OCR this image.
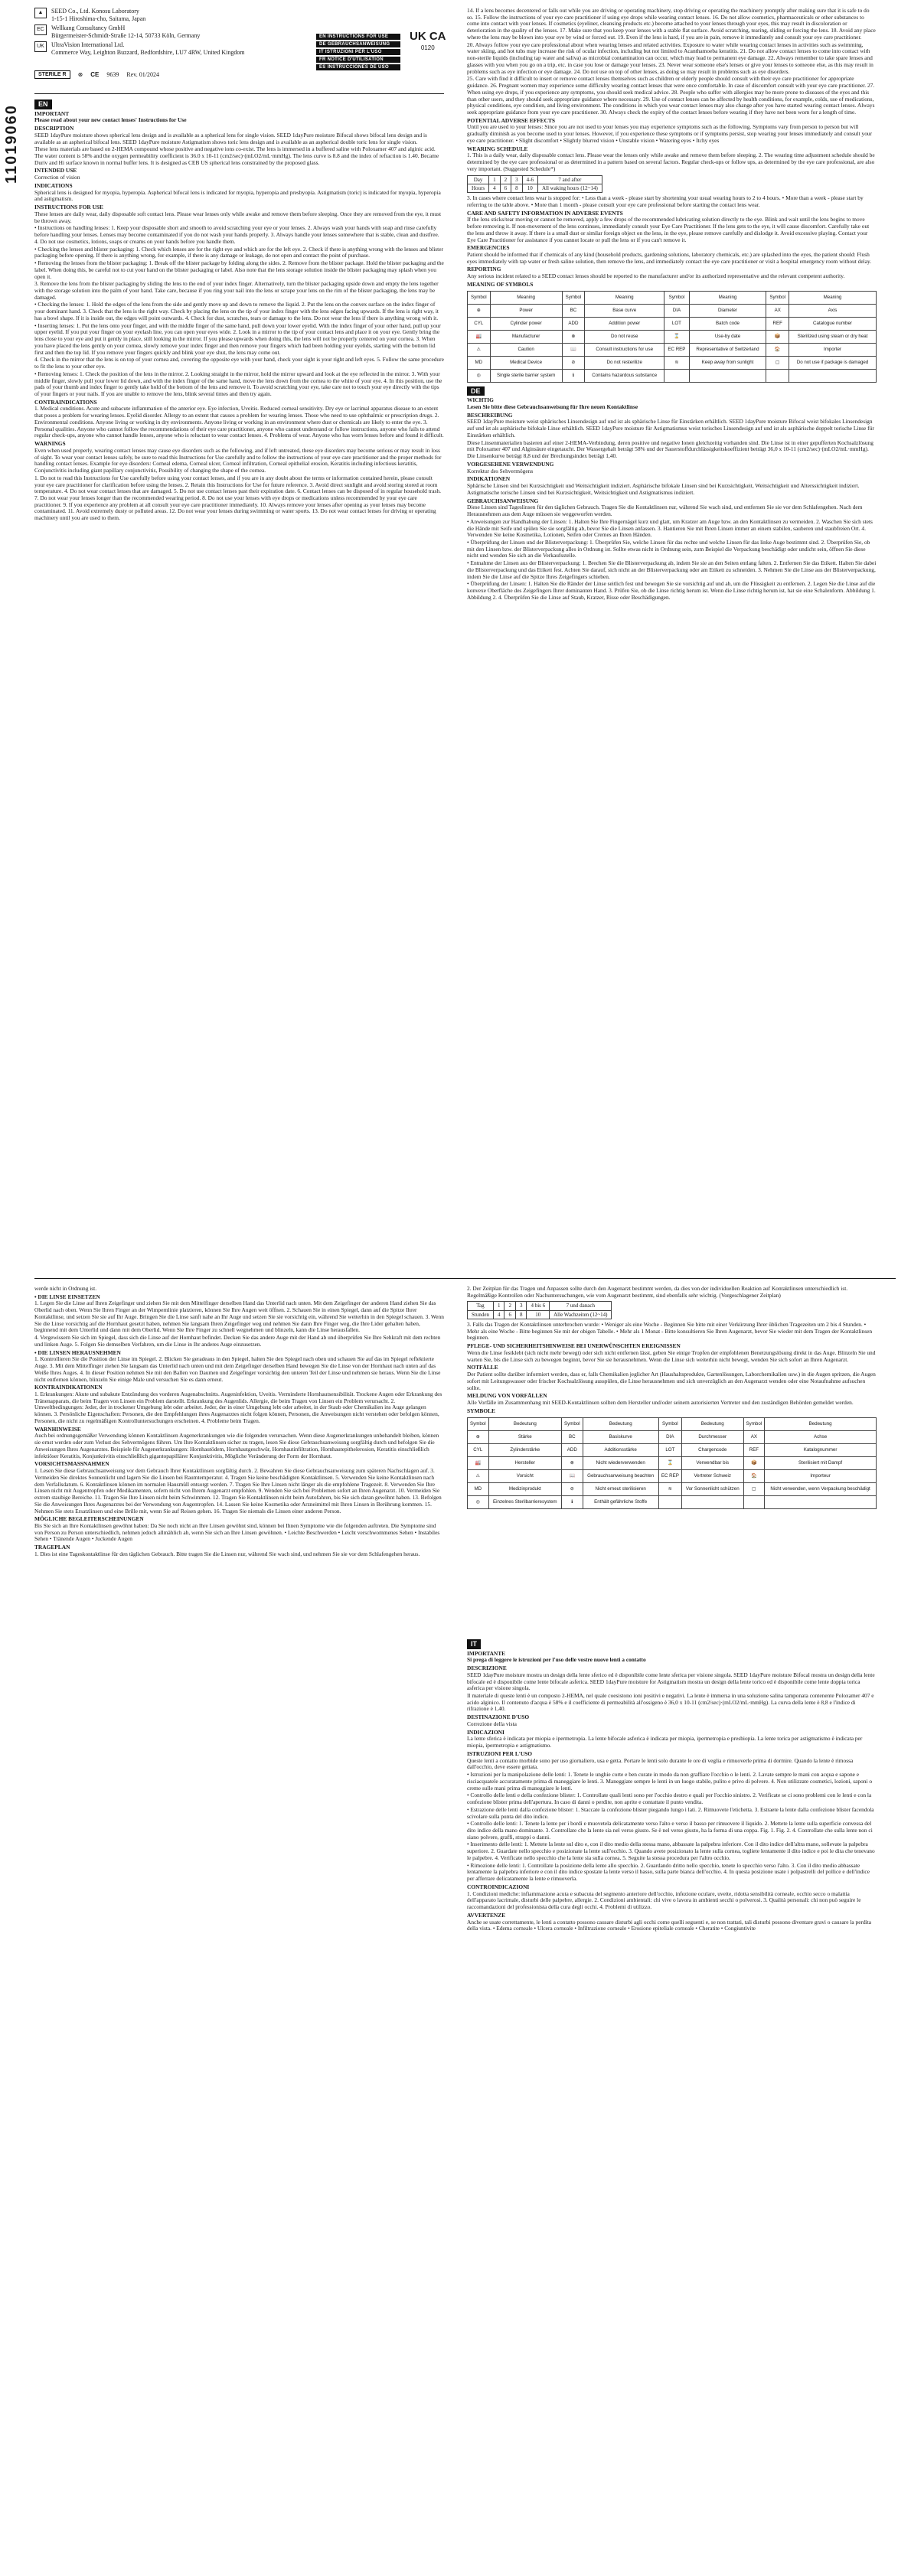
11019060
▲	SEED Co., Ltd. Konosu Laboratory
1-15-1 Hiroshima-cho, Saitama, Japan
EC	Wellkang Consultancy GmbH
Bürgermeister-Schmidt-Straße 12-14, 50733 Köln, Germany
UK	UltraVision International Ltd.
Commerce Way, Leighton Buzzard, Bedfordshire, LU7 4RW, United Kingdom
EN INSTRUCTIONS FOR USE
DE GEBRAUCHSANWEISUNG
IT ISTRUZIONI PER L'USO
FR NOTICE D'UTILISATION
ES INSTRUCCIONES DE USO
UK CA
0120
STERILE R	⊗ CE 9639 Rev. 01/2024
EN
IMPORTANT
Please read about your new contact lenses' Instructions for Use
DESCRIPTION
SEED 1dayPure moisture shows spherical lens design and is available as a spherical lens for single vision. SEED 1dayPure moisture Bifocal shows bifocal lens design and is available as an aspherical bifocal lens. SEED 1dayPure moisture Astigmatism shows toric lens design and is available as an aspherical double toric lens for single vision.
These lens materials are based on 2-HEMA compound whose positive and negative ions co-exist. The lens is immersed in a buffered saline with Poloxamer 407 and alginic acid. The water content is 58% and the oxygen permeability coefficient is 36.0 x 10-11 (cm2/sec)·(mLO2/mL·mmHg). The lens curve is 8.8 and the index of refraction is 1.40. Became Duriv and Hi surface known in normal buffer lens. It is designed as CEB US spherical lens constrained by the proposed glass.
INTENDED USE
Correction of vision
INDICATIONS
Spherical lens is designed for myopia, hyperopia. Aspherical bifocal lens is indicated for myopia, hyperopia and presbyopia. Astigmatism (toric) is indicated for myopia, hyperopia and astigmatism.
INSTRUCTIONS FOR USE
These lenses are daily wear, daily disposable soft contact lens. Please wear lenses only while awake and remove them before sleeping. Once they are removed from the eye, it must be thrown away.
• Instructions on handling lenses: 1. Keep your disposable short and smooth to avoid scratching your eye or your lenses. 2. Always wash your hands with soap and rinse carefully before handling your lenses. Lenses may become contaminated if you do not wash your hands properly. 3. Always handle your lenses somewhere that is stable, clean and dustfree. 4. Do not use cosmetics, lotions, soaps or creams on your hands before you handle them.
• Checking the lenses and blister packaging: 1. Check which lenses are for the right eye and which are for the left eye. 2. Check if there is anything wrong with the lenses and blister packaging before opening. If there is anything wrong, for example, if there is any damage or leakage, do not open and contact the point of purchase.
• Removing the lenses from the blister packaging: 1. Break off the blister package by folding along the sides. 2. Remove from the blister package. Hold the blister packaging and the label. When doing this, be careful not to cut your hand on the blister packaging or label. Also note that the lens storage solution inside the blister packaging may splash when you open it.
3. Remove the lens from the blister packaging by sliding the lens to the end of your index finger. Alternatively, turn the blister packaging upside down and empty the lens together with the storage solution into the palm of your hand. Take care, because if you ring your nail into the lens or scrape your lens on the rim of the blister packaging, the lens may be damaged.
• Checking the lenses: 1. Hold the edges of the lens from the side and gently move up and down to remove the liquid. 2. Put the lens on the convex surface on the index finger of your dominant hand. 3. Check that the lens is the right way. Check by placing the lens on the tip of your index finger with the lens edges facing upwards. If the lens is right way, it has a bowl shape. If it is inside out, the edges will point outwards. 4. Check for dust, scratches, tears or damage to the lens. Do not wear the lens if there is anything wrong with it.
• Inserting lenses: 1. Put the lens onto your finger, and with the middle finger of the same hand, pull down your lower eyelid. With the index finger of your other hand, pull up your upper eyelid. If you put your finger on your eyelash line, you can open your eyes wide. 2. Look in a mirror to the tip of your contact lens and place it on your eye. Gently bring the lens close to your eye and put it gently in place, still looking in the mirror. If you please upwards when doing this, the lens will not be properly centered on your cornea. 3. When you have placed the lens gently on your cornea, slowly remove your index finger and then remove your fingers which had been holding your eyelids, starting with the bottom lid first and then the top lid. If you remove your fingers quickly and blink your eye shut, the lens may come out.
4. Check in the mirror that the lens is on top of your cornea and, covering the opposite eye with your hand, check your sight is your right and left eyes. 5. Follow the same procedure to fit the lens to your other eye.
• Removing lenses: 1. Check the position of the lens in the mirror. 2. Looking straight in the mirror, hold the mirror upward and look at the eye reflected in the mirror. 3. With your middle finger, slowly pull your lower lid down, and with the index finger of the same hand, move the lens down from the cornea to the white of your eye. 4. In this position, use the pads of your thumb and index finger to gently take hold of the bottom of the lens and remove it. To avoid scratching your eye, take care not to touch your eye directly with the tips of your fingers or your nails. If you are unable to remove the lens, blink several times and then try again.
CONTRAINDICATIONS
1. Medical conditions. Acute and subacute inflammation of the anterior eye. Eye infection, Uveitis. Reduced corneal sensitivity. Dry eye or lacrimal apparatus disease to an extent that poses a problem for wearing lenses. Eyelid disorder. Allergy to an extent that causes a problem for wearing lenses. Those who need to use ophthalmic or prescription drugs. 2. Environmental conditions. Anyone living or working in dry environments. Anyone living or working in an environment where dust or chemicals are likely to enter the eye. 3. Personal qualities. Anyone who cannot follow the recommendations of their eye care practitioner, anyone who cannot understand or follow instructions, anyone who fails to attend regular check-ups, anyone who cannot handle lenses, anyone who is reluctant to wear contact lenses. 4. Problems of wear. Anyone who has worn lenses before and found it difficult.
WARNINGS
Even when used properly, wearing contact lenses may cause eye disorders such as the following, and if left untreated, these eye disorders may become serious or may result in loss of sight. To wear your contact lenses safely, be sure to read this Instructions for Use carefully and to follow the instructions of your eye care practitioner and the proper methods for handling contact lenses. Example for eye disorders: Corneal edema, Corneal ulcer, Corneal infiltration, Corneal epithelial erosion, Keratitis including infectious keratitis, Conjunctivitis including giant papillary conjunctivitis, Possibility of changing the shape of the cornea.
1. Do not to read this Instructions for Use carefully before using your contact lenses, and if you are in any doubt about the terms or information contained herein, please consult your eye care practitioner for clarification before using the lenses. 2. Retain this Instructions for Use for future reference. 3. Avoid direct sunlight and avoid storing stored at room temperature. 4. Do not wear contact lenses that are damaged. 5. Do not use contact lenses past their expiration date. 6. Contact lenses can be disposed of in regular household trash. 7. Do not wear your lenses longer than the recommended wearing period. 8. Do not use your lenses with eye drops or medications unless recommended by your eye care practitioner. 9. If you experience any problem at all consult your eye care practitioner immediately. 10. Always remove your lenses after opening as your lenses may become contaminated. 11. Avoid extremely dusty or polluted areas. 12. Do not wear your lenses during swimming or water sports. 13. Do not wear contact lenses for driving or operating machinery until you are used to them.
14. If a lens becomes decentered or falls out while you are driving or operating machinery, stop driving or operating the machinery promptly after making sure that it is safe to do so. 15. Follow the instructions of your eye care practitioner if using eye drops while wearing contact lenses. 16. Do not allow cosmetics, pharmaceuticals or other substances to come into contact with your lenses. If cosmetics (eyeliner, cleansing products etc.) become attached to your lenses through your eyes, this may result in discoloration or deterioration in the quality of the lenses. 17. Make sure that you keep your lenses with a stable flat surface. Avoid scratching, tearing, sliding or forcing the lens. 18. Avoid any place where the lens may be blown into your eye by wind or forced out. 19. Even if the lens is hard, if you are in pain, remove it immediately and consult your eye care practitioner.
20. Always follow your eye care professional about when wearing lenses and related activities. Exposure to water while wearing contact lenses in activities such as swimming, water skiing, and hot tubs may increase the risk of ocular infection, including but not limited to Acanthamoeba keratitis. 21. Do not allow contact lenses to come into contact with non-sterile liquids (including tap water and saliva) as microbial contamination can occur, which may lead to permanent eye damage. 22. Always remember to take spare lenses and glasses with you when you go on a trip, etc. in case you lose or damage your lenses. 23. Never wear someone else's lenses or give your lenses to someone else, as this may result in problems such as eye infection or eye damage. 24. Do not use on top of other lenses, as doing so may result in problems such as eye disorders.
25. Care with find it difficult to insert or remove contact lenses themselves such as children or elderly people should consult with their eye care practitioner for appropriate guidance. 26. Pregnant women may experience some difficulty wearing contact lenses that were once comfortable. In case of discomfort consult with your eye care practitioner. 27. When using eye drops, if you experience any symptoms, you should seek medical advice. 28. People who suffer with allergies may be more prone to diseases of the eyes and this than other users, and they should seek appropriate guidance where necessary. 29. Use of contact lenses can be affected by health conditions, for example, colds, use of medications, physical conditions, eye condition, and living environment. The conditions in which you wear contact lenses may also change after you have started wearing contact lenses. Always seek appropriate guidance from your eye care practitioner. 30. Always check the expiry of the contact lenses before wearing if they have not been worn for a length of time.
POTENTIAL ADVERSE EFFECTS
Until you are used to your lenses: Since you are not used to your lenses you may experience symptoms such as the following. Symptoms vary from person to person but will gradually diminish as you become used to your lenses. However, if you experience these symptoms or if symptoms persist, stop wearing your lenses immediately and consult your eye care practitioner. • Slight discomfort • Slightly blurred vision • Unstable vision • Watering eyes • Itchy eyes
WEARING SCHEDULE
1. This is a daily wear, daily disposable contact lens. Please wear the lenses only while awake and remove them before sleeping. 2. The wearing time adjustment schedule should be determined by the eye care professional or as determined in a pattern based on several factors. Regular check-ups or follow ups, as determined by the eye care professional, are also very important. (Suggested Schedule*)
Day	1	2	3	4-6	7 and after
Hours	4	6	8	10	All waking hours (12~14)
3. In cases where contact lens wear is stopped for: • Less than a week - please start by shortening your usual wearing hours to 2 to 4 hours. • More than a week - please start by referring to the table above. • More than 1 month - please consult your eye care professional before starting the contact lens wear.
CARE AND SAFETY INFORMATION IN ADVERSE EVENTS
If the lens sticks/tear moving or cannot be removed, apply a few drops of the recommended lubricating solution directly to the eye. Blink and wait until the lens begins to move before removing it. If non-movement of the lens continues, immediately consult your Eye Care Practitioner. If the lens gets to the eye, it will cause discomfort. Carefully take out the lens and throw it away. If there is a small dust or similar foreign object on the lens, in the eye, please remove carefully and dislodge it. Avoid excessive playing. Contact your Eye Care Practitioner for assistance if you cannot locate or pull the lens or if you can't remove it.
EMERGENCIES
Patient should be informed that if chemicals of any kind (household products, gardening solutions, laboratory chemicals, etc.) are splashed into the eyes, the patient should: Flush eyes immediately with tap water or fresh saline solution, then remove the lens, and immediately contact the eye care practitioner or visit a hospital emergency room without delay.
REPORTING
Any serious incident related to a SEED contact lenses should be reported to the manufacturer and/or its authorized representative and the relevant competent authority.
MEANING OF SYMBOLS
Symbol	Meaning	Symbol	Meaning	Symbol	Meaning	Symbol	Meaning
⊕	Power	BC	Base curve	DIA	Diameter	AX	Axis
CYL	Cylinder power	ADD	Addition power	LOT	Batch code	REF	Catalogue number
🏭	Manufacturer	⊗	Do not reuse	⌛	Use-by date	📦	Sterilized using steam or dry heat
⚠	Caution	📖	Consult instructions for use	EC REP	Representative of Switzerland	🏠	Importer
MD	Medical Device	⊘	Do not resterilize	≋	Keep away from sunlight	▢	Do not use if package is damaged
◎	Single sterile barrier system	ℹ	Contains hazardous substance				
DE
WICHTIG
Lesen Sie bitte diese Gebrauchsanweisung für Ihre neuen Kontaktlinse
BESCHREIBUNG
SEED 1dayPure moisture weist sphärisches Linsendesign auf und ist als sphärische Linse für Einstärken erhältlich. SEED 1dayPure moisture Bifocal weist bifokales Linsendesign auf und ist als asphärische bifokale Linse erhältlich. SEED 1dayPure moisture für Astigmatismus weist torisches Linsendesign auf und ist als asphärische doppelt torische Linse für Einstärken erhältlich.
Diese Linsenmaterialien basieren auf einer 2-HEMA-Verbindung, deren positive und negative Ionen gleichzeitig vorhanden sind. Die Linse ist in einer gepufferten Kochsalzlösung mit Poloxamer 407 und Alginsäure eingetaucht. Der Wassergehalt beträgt 58% und der Sauerstoffdurchlässigkeitskoeffizient beträgt 36,0 x 10-11 (cm2/sec)·(mLO2/mL·mmHg). Die Linsenkurve beträgt 8,8 und der Brechungsindex beträgt 1,40.
VORGESEHENE VERWENDUNG
Korrektur des Sehvermögens
INDIKATIONEN
Sphärische Linsen sind bei Kurzsichtigkeit und Weitsichtigkeit indiziert. Asphärische bifokale Linsen sind bei Kurzsichtigkeit, Weitsichtigkeit und Alterssichtigkeit indiziert. Astigmatische torische Linsen sind bei Kurzsichtigkeit, Weitsichtigkeit und Astigmatismus indiziert.
GEBRAUCHSANWEISUNG
Diese Linsen sind Tageslinsen für den täglichen Gebrauch. Tragen Sie die Kontaktlinsen nur, während Sie wach sind, und entfernen Sie sie vor dem Schlafengehen. Nach dem Herausnehmen aus dem Auge müssen sie weggeworfen werden.
• Anweisungen zur Handhabung der Linsen: 1. Halten Sie Ihre Fingernägel kurz und glatt, um Kratzer am Auge bzw. an den Kontaktlinsen zu vermeiden. 2. Waschen Sie sich stets die Hände mit Seife und spülen Sie sie sorgfältig ab, bevor Sie die Linsen anfassen. 3. Hantieren Sie mit Ihren Linsen immer an einem stabilen, sauberen und staubfreien Ort. 4. Verwenden Sie keine Kosmetika, Lotionen, Seifen oder Cremes an Ihren Händen.
• Überprüfung der Linsen und der Blisterverpackung: 1. Überprüfen Sie, welche Linsen für das rechte und welche Linsen für das linke Auge bestimmt sind. 2. Überprüfen Sie, ob mit den Linsen bzw. der Blisterverpackung alles in Ordnung ist. Sollte etwas nicht in Ordnung sein, zum Beispiel die Verpackung beschädigt oder undicht sein, öffnen Sie diese nicht und wenden Sie sich an die Verkaufsstelle.
• Entnahme der Linsen aus der Blisterverpackung: 1. Brechen Sie die Blisterverpackung ab, indem Sie sie an den Seiten entlang falten. 2. Entfernen Sie das Etikett. Halten Sie dabei die Blisterverpackung und das Etikett fest. Achten Sie darauf, sich nicht an der Blisterverpackung oder am Etikett zu schneiden. 3. Nehmen Sie die Linse aus der Blisterverpackung, indem Sie die Linse auf die Spitze Ihres Zeigefingers schieben.
• Überprüfung der Linsen: 1. Halten Sie die Ränder der Linse seitlich fest und bewegen Sie sie vorsichtig auf und ab, um die Flüssigkeit zu entfernen. 2. Legen Sie die Linse auf die konvexe Oberfläche des Zeigefingers Ihrer dominanten Hand. 3. Prüfen Sie, ob die Linse richtig herum ist. Wenn die Linse richtig herum ist, hat sie eine Schalenform. Abbildung 1. Abbildung 2. 4. Überprüfen Sie die Linse auf Staub, Kratzer, Risse oder Beschädigungen.
werde nicht in Ordnung ist.
• DIE LINSE EINSETZEN
1. Legen Sie die Linse auf Ihren Zeigefinger und ziehen Sie mit dem Mittelfinger derselben Hand das Unterlid nach unten. Mit dem Zeigefinger der anderen Hand ziehen Sie das Oberlid nach oben. Wenn Sie Ihren Finger an der Wimpernlinie platzieren, können Sie Ihre Augen weit öffnen. 2. Schauen Sie in einen Spiegel, dann auf die Spitze Ihrer Kontaktlinse, und setzen Sie sie auf Ihr Auge. Bringen Sie die Linse sanft nahe an Ihr Auge und setzen Sie sie vorsichtig ein, während Sie weiterhin in den Spiegel schauen. 3. Wenn Sie die Linse vorsichtig auf die Hornhaut gesetzt haben, nehmen Sie langsam Ihren Zeigefinger weg und nehmen Sie dann Ihre Finger weg, die Ihre Lider gehalten haben, beginnend mit dem Unterlid und dann mit dem Oberlid. Wenn Sie Ihre Finger zu schnell wegnehmen und blinzeln, kann die Linse herausfallen.
4. Vergewissern Sie sich im Spiegel, dass sich die Linse auf der Hornhaut befindet. Decken Sie das andere Auge mit der Hand ab und überprüfen Sie Ihre Sehkraft mit dem rechten und linken Auge. 5. Folgen Sie demselben Verfahren, um die Linse in Ihr anderes Auge einzusetzen.
• DIE LINSEN HERAUSNEHMEN
1. Kontrollieren Sie die Position der Linse im Spiegel. 2. Blicken Sie geradeaus in den Spiegel, halten Sie den Spiegel nach oben und schauen Sie auf das im Spiegel reflektierte Auge. 3. Mit dem Mittelfinger ziehen Sie langsam das Unterlid nach unten und mit dem Zeigefinger derselben Hand bewegen Sie die Linse von der Hornhaut nach unten auf das Weiße Ihres Auges. 4. In dieser Position nehmen Sie mit den Ballen von Daumen und Zeigefinger vorsichtig den unteren Teil der Linse und nehmen sie heraus. Wenn Sie die Linse nicht entfernen können, blinzeln Sie einige Male und versuchen Sie es dann erneut.
KONTRAINDIKATIONEN
1. Erkrankungen: Akute und subakute Entzündung des vorderen Augenabschnitts. Augeninfektion, Uveitis. Verminderte Hornhautsensibilität. Trockene Augen oder Erkrankung des Tränenapparats, die beim Tragen von Linsen ein Problem darstellt. Erkrankung des Augenlids. Allergie, die beim Tragen von Linsen ein Problem verursacht. 2. Umweltbedingungen: Jeder, der in trockener Umgebung lebt oder arbeitet. Jeder, der in einer Umgebung lebt oder arbeitet, in der Staub oder Chemikalien ins Auge gelangen können. 3. Persönliche Eigenschaften: Personen, die den Empfehlungen ihres Augenarztes nicht folgen können, Personen, die Anweisungen nicht verstehen oder befolgen können, Personen, die nicht zu regelmäßigen Kontrolluntersuchungen erscheinen. 4. Probleme beim Tragen.
WARNHINWEISE
Auch bei ordnungsgemäßer Verwendung können Kontaktlinsen Augenerkrankungen wie die folgenden verursachen. Wenn diese Augenerkrankungen unbehandelt bleiben, können sie ernst werden oder zum Verlust des Sehvermögens führen. Um Ihre Kontaktlinsen sicher zu tragen, lesen Sie diese Gebrauchsanweisung sorgfältig durch und befolgen Sie die Anweisungen Ihres Augenarztes. Beispiele für Augenerkrankungen: Hornhautödem, Hornhautgeschwür, Hornhautinfiltration, Hornhautepithelerosion, Keratitis einschließlich infektiöser Keratitis, Konjunktivitis einschließlich gigantopapillärer Konjunktivitis, Mögliche Veränderung der Form der Hornhaut.
VORSICHTSMASSNAHMEN
1. Lesen Sie diese Gebrauchsanweisung vor dem Gebrauch Ihrer Kontaktlinsen sorgfältig durch. 2. Bewahren Sie diese Gebrauchsanweisung zum späteren Nachschlagen auf. 3. Vermeiden Sie direktes Sonnenlicht und lagern Sie die Linsen bei Raumtemperatur. 4. Tragen Sie keine beschädigten Kontaktlinsen. 5. Verwenden Sie keine Kontaktlinsen nach dem Verfallsdatum. 6. Kontaktlinsen können im normalen Hausmüll entsorgt werden. 7. Tragen Sie Ihre Linsen nicht länger als die empfohlene Tragezeit. 8. Verwenden Sie Ihre Linsen nicht mit Augentropfen oder Medikamenten, sofern nicht von Ihrem Augenarzt empfohlen. 9. Wenden Sie sich bei Problemen sofort an Ihren Augenarzt. 10. Vermeiden Sie extrem staubige Bereiche. 11. Tragen Sie Ihre Linsen nicht beim Schwimmen. 12. Tragen Sie Kontaktlinsen nicht beim Autofahren, bis Sie sich daran gewöhnt haben. 13. Befolgen Sie die Anweisungen Ihres Augenarztes bei der Verwendung von Augentropfen. 14. Lassen Sie keine Kosmetika oder Arzneimittel mit Ihren Linsen in Berührung kommen. 15. Nehmen Sie stets Ersatzlinsen und eine Brille mit, wenn Sie auf Reisen gehen. 16. Tragen Sie niemals die Linsen einer anderen Person.
MÖGLICHE BEGLEITERSCHEINUNGEN
Bis Sie sich an Ihre Kontaktlinsen gewöhnt haben: Da Sie noch nicht an Ihre Linsen gewöhnt sind, können bei Ihnen Symptome wie die folgenden auftreten. Die Symptome sind von Person zu Person unterschiedlich, nehmen jedoch allmählich ab, wenn Sie sich an Ihre Linsen gewöhnen. • Leichte Beschwerden • Leicht verschwommenes Sehen • Instabiles Sehen • Tränende Augen • Juckende Augen
TRAGEPLAN
1. Dies ist eine Tageskontaktlinse für den täglichen Gebrauch. Bitte tragen Sie die Linsen nur, während Sie wach sind, und nehmen Sie sie vor dem Schlafengehen heraus.
2. Der Zeitplan für das Tragen und Anpassen sollte durch den Augenarzt bestimmt werden, da dies von der individuellen Reaktion auf Kontaktlinsen unterschiedlich ist. Regelmäßige Kontrollen oder Nachuntersuchungen, wie vom Augenarzt bestimmt, sind ebenfalls sehr wichtig. (Vorgeschlagener Zeitplan)
Tag	1	2	3	4 bis 6	7 und danach
Stunden	4	6	8	10	Alle Wachzeiten (12~14)
3. Falls das Tragen der Kontaktlinsen unterbrochen wurde: • Weniger als eine Woche - Beginnen Sie bitte mit einer Verkürzung Ihrer üblichen Tragezeiten um 2 bis 4 Stunden. • Mehr als eine Woche - Bitte beginnen Sie mit der obigen Tabelle. • Mehr als 1 Monat - Bitte konsultieren Sie Ihren Augenarzt, bevor Sie wieder mit dem Tragen der Kontaktlinsen beginnen.
PFLEGE- UND SICHERHEITSHINWEISE BEI UNERWÜNSCHTEN EREIGNISSEN
Wenn die Linse festklebt (sich nicht mehr bewegt) oder sich nicht entfernen lässt, geben Sie einige Tropfen der empfohlenen Benetzungslösung direkt in das Auge. Blinzeln Sie und warten Sie, bis die Linse sich zu bewegen beginnt, bevor Sie sie herausnehmen. Wenn die Linse sich weiterhin nicht bewegt, wenden Sie sich sofort an Ihren Augenarzt.
NOTFÄLLE
Der Patient sollte darüber informiert werden, dass er, falls Chemikalien jeglicher Art (Haushaltsprodukte, Gartenlösungen, Laborchemikalien usw.) in die Augen spritzen, die Augen sofort mit Leitungswasser oder frischer Kochsalzlösung ausspülen, die Linse herausnehmen und sich unverzüglich an den Augenarzt wenden oder eine Notaufnahme aufsuchen sollte.
MELDUNG VON VORFÄLLEN
Alle Vorfälle im Zusammenhang mit SEED-Kontaktlinsen sollten dem Hersteller und/oder seinem autorisierten Vertreter und den zuständigen Behörden gemeldet werden.
SYMBOLE
Symbol	Bedeutung	Symbol	Bedeutung	Symbol	Bedeutung	Symbol	Bedeutung
⊕	Stärke	BC	Basiskurve	DIA	Durchmesser	AX	Achse
CYL	Zylinderstärke	ADD	Additionsstärke	LOT	Chargencode	REF	Katalognummer
🏭	Hersteller	⊗	Nicht wiederverwenden	⌛	Verwendbar bis	📦	Sterilisiert mit Dampf
⚠	Vorsicht	📖	Gebrauchsanweisung beachten	EC REP	Vertreter Schweiz	🏠	Importeur
MD	Medizinprodukt	⊘	Nicht erneut sterilisieren	≋	Vor Sonnenlicht schützen	▢	Nicht verwenden, wenn Verpackung beschädigt
◎	Einzelnes Sterilbarrieresystem	ℹ	Enthält gefährliche Stoffe				
IT
IMPORTANTE
Si prega di leggere le istruzioni per l'uso delle vostre nuove lenti a contatto
DESCRIZIONE
SEED 1dayPure moisture mostra un design della lente sferico ed è disponibile come lente sferica per visione singola. SEED 1dayPure moisture Bifocal mostra un design della lente bifocale ed è disponibile come lente bifocale asferica. SEED 1dayPure moisture for Astigmatism mostra un design della lente torico ed è disponibile come lente doppia torica asferica per visione singola.
Il materiale di queste lenti è un composto 2-HEMA, nel quale coesistono ioni positivi e negativi. La lente è immersa in una soluzione salina tamponata contenente Poloxamer 407 e acido alginico. Il contenuto d'acqua è 58% e il coefficiente di permeabilità all'ossigeno è 36,0 x 10-11 (cm2/sec)·(mLO2/mL·mmHg). La curva della lente è 8,8 e l'indice di rifrazione è 1,40.
DESTINAZIONE D'USO
Correzione della vista
INDICAZIONI
La lente sferica è indicata per miopia e ipermetropia. La lente bifocale asferica è indicata per miopia, ipermetropia e presbiopia. La lente torica per astigmatismo è indicata per miopia, ipermetropia e astigmatismo.
ISTRUZIONI PER L'USO
Queste lenti a contatto morbide sono per uso giornaliero, usa e getta. Portare le lenti solo durante le ore di veglia e rimuoverle prima di dormire. Quando la lente è rimossa dall'occhio, deve essere gettata.
• Istruzioni per la manipolazione delle lenti: 1. Tenete le unghie corte e ben curate in modo da non graffiare l'occhio o le lenti. 2. Lavate sempre le mani con acqua e sapone e risciacquatele accuratamente prima di maneggiare le lenti. 3. Maneggiate sempre le lenti in un luogo stabile, pulito e privo di polvere. 4. Non utilizzate cosmetici, lozioni, saponi o creme sulle mani prima di maneggiare le lenti.
• Controllo delle lenti e della confezione blister: 1. Controllate quali lenti sono per l'occhio destro e quali per l'occhio sinistro. 2. Verificate se ci sono problemi con le lenti e con la confezione blister prima dell'apertura. In caso di danni o perdite, non aprite e contattate il punto vendita.
• Estrazione delle lenti dalla confezione blister: 1. Staccate la confezione blister piegando lungo i lati. 2. Rimuovete l'etichetta. 3. Estraete la lente dalla confezione blister facendola scivolare sulla punta del dito indice.
• Controllo delle lenti: 1. Tenete la lente per i bordi e muovetela delicatamente verso l'alto e verso il basso per rimuovere il liquido. 2. Mettete la lente sulla superficie convessa del dito indice della mano dominante. 3. Controllate che la lente sia nel verso giusto. Se è nel verso giusto, ha la forma di una coppa. Fig. 1. Fig. 2. 4. Controllate che sulla lente non ci siano polvere, graffi, strappi o danni.
• Inserimento delle lenti: 1. Mettete la lente sul dito e, con il dito medio della stessa mano, abbassate la palpebra inferiore. Con il dito indice dell'altra mano, sollevate la palpebra superiore. 2. Guardate nello specchio e posizionate la lente sull'occhio. 3. Quando avete posizionato la lente sulla cornea, togliete lentamente il dito indice e poi le dita che tenevano le palpebre. 4. Verificate nello specchio che la lente sia sulla cornea. 5. Seguite la stessa procedura per l'altro occhio.
• Rimozione delle lenti: 1. Controllate la posizione della lente allo specchio. 2. Guardando dritto nello specchio, tenete lo specchio verso l'alto. 3. Con il dito medio abbassate lentamente la palpebra inferiore e con il dito indice spostate la lente verso il basso, sulla parte bianca dell'occhio. 4. In questa posizione usate i polpastrelli del pollice e dell'indice per afferrare delicatamente la lente e rimuoverla.
CONTROINDICAZIONI
1. Condizioni mediche: infiammazione acuta e subacuta del segmento anteriore dell'occhio, infezione oculare, uveite, ridotta sensibilità corneale, occhio secco o malattia dell'apparato lacrimale, disturbi delle palpebre, allergie. 2. Condizioni ambientali: chi vive o lavora in ambienti secchi o polverosi. 3. Qualità personali: chi non può seguire le raccomandazioni del professionista della cura degli occhi. 4. Problemi di utilizzo.
AVVERTENZE
Anche se usate correttamente, le lenti a contatto possono causare disturbi agli occhi come quelli seguenti e, se non trattati, tali disturbi possono diventare gravi o causare la perdita della vista. • Edema corneale • Ulcera corneale • Infiltrazione corneale • Erosione epiteliale corneale • Cheratite • Congiuntivite
